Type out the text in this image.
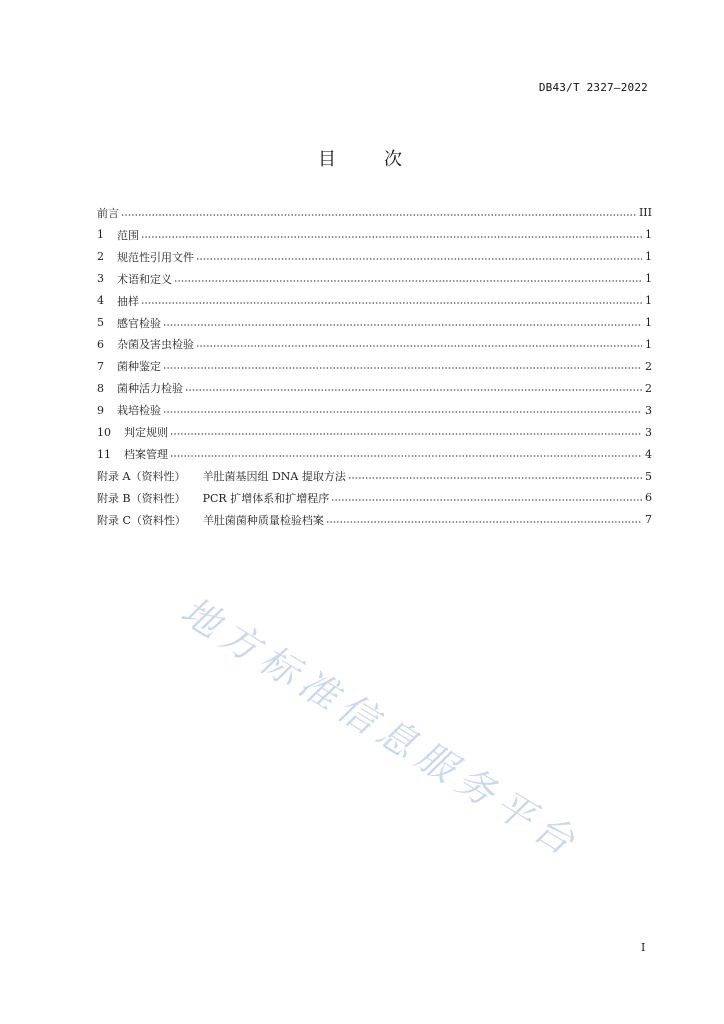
DB43/T 2327—2022
目　　次
前言	III
1	范围	1
2	规范性引用文件	1
3	术语和定义	1
4	抽样	1
5	感官检验	1
6	杂菌及害虫检验	1
7	菌种鉴定	2
8	菌种活力检验	2
9	栽培检验	3
10	判定规则	3
11	档案管理	4
附录 A（资料性） 羊肚菌基因组 DNA 提取方法	5
附录 B（资料性） PCR 扩增体系和扩增程序	6
附录 C（资料性） 羊肚菌菌种质量检验档案	7
地方标准信息服务平台
I
